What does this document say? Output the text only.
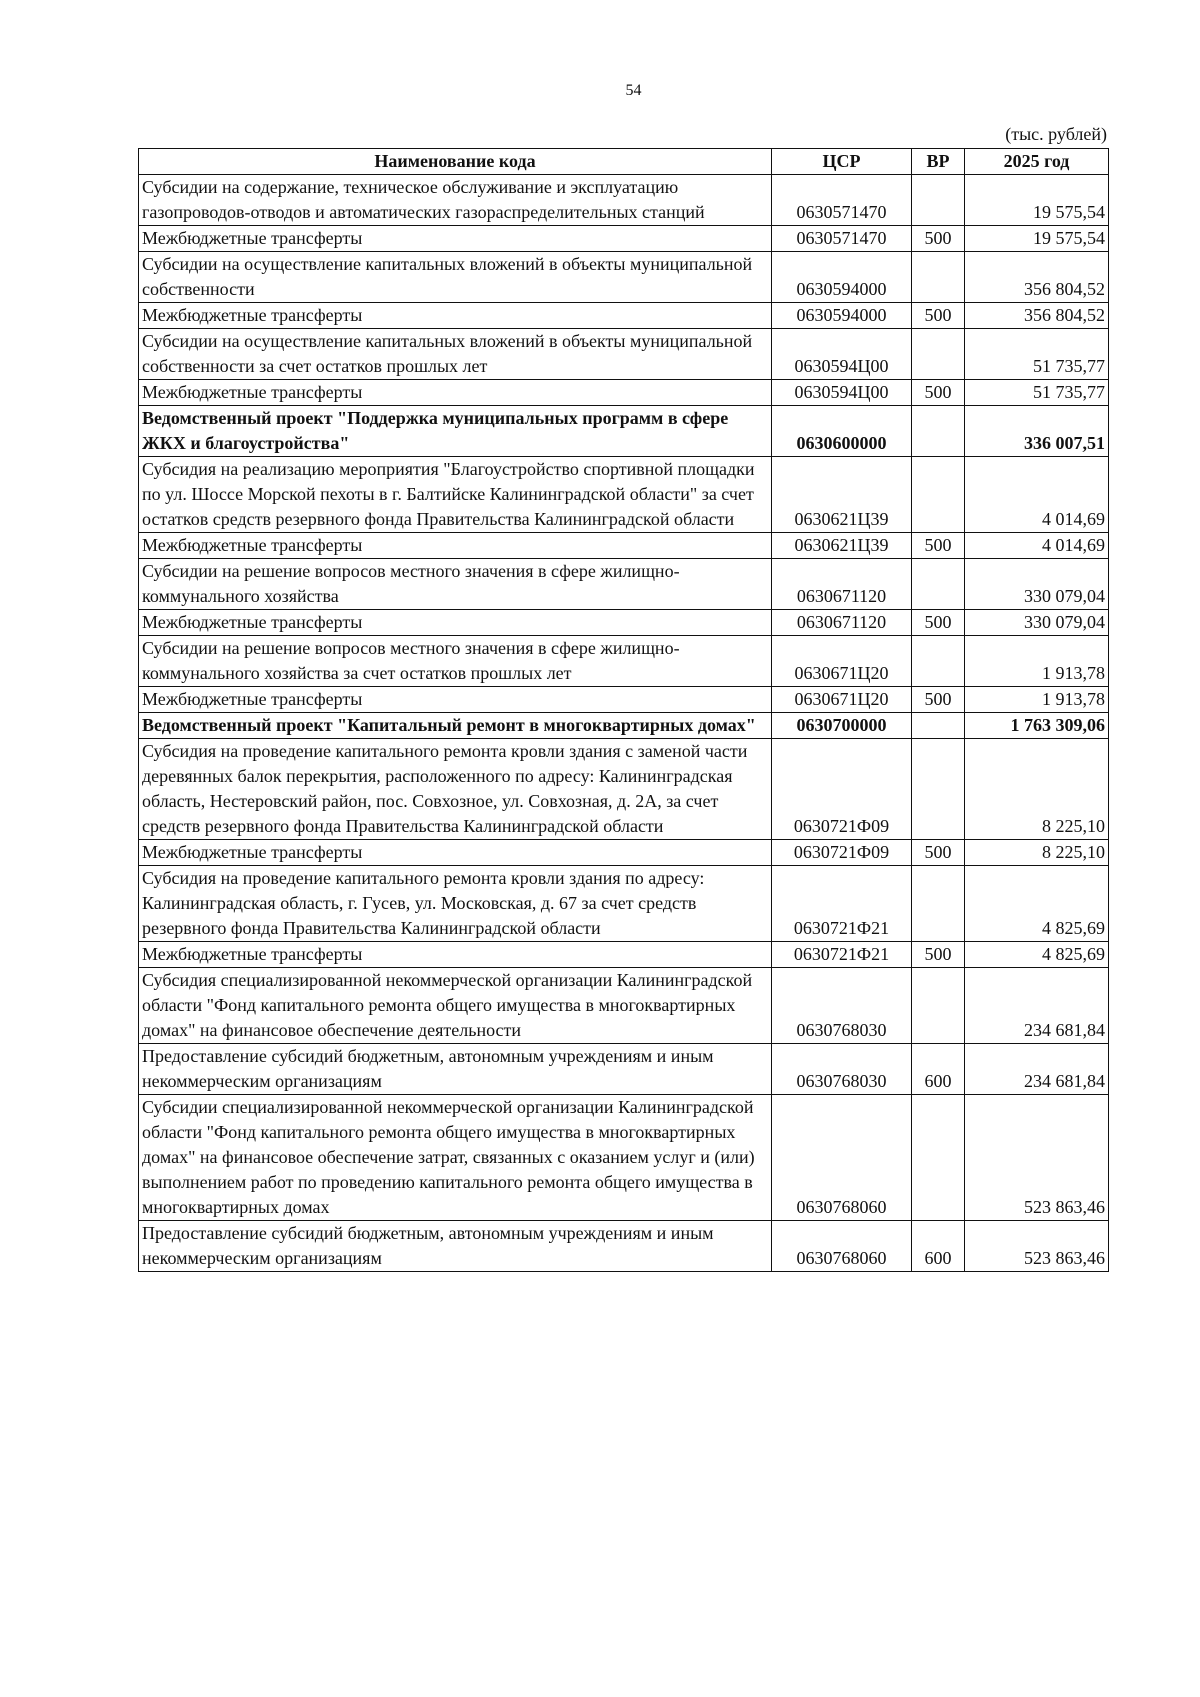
54
(тыс. рублей)
Наименование кода	ЦСР	ВР	2025 год
Субсидии на содержание, техническое обслуживание и эксплуатацию газопроводов-отводов и автоматических газораспределительных станций	0630571470		19 575,54
Межбюджетные трансферты	0630571470	500	19 575,54
Субсидии на осуществление капитальных вложений в объекты муниципальной собственности	0630594000		356 804,52
Межбюджетные трансферты	0630594000	500	356 804,52
Субсидии на осуществление капитальных вложений в объекты муниципальной собственности за счет остатков прошлых лет	0630594Ц00		51 735,77
Межбюджетные трансферты	0630594Ц00	500	51 735,77
Ведомственный проект "Поддержка муниципальных программ в сфере ЖКХ и благоустройства"	0630600000		336 007,51
Субсидия на реализацию мероприятия "Благоустройство спортивной площадки по ул. Шоссе Морской пехоты в г. Балтийске Калининградской области" за счет остатков средств резервного фонда Правительства Калининградской области	0630621Ц39		4 014,69
Межбюджетные трансферты	0630621Ц39	500	4 014,69
Субсидии на решение вопросов местного значения в сфере жилищно-коммунального хозяйства	0630671120		330 079,04
Межбюджетные трансферты	0630671120	500	330 079,04
Субсидии на решение вопросов местного значения в сфере жилищно-коммунального хозяйства за счет остатков прошлых лет	0630671Ц20		1 913,78
Межбюджетные трансферты	0630671Ц20	500	1 913,78
Ведомственный проект "Капитальный ремонт в многоквартирных домах"	0630700000		1 763 309,06
Субсидия на проведение капитального ремонта кровли здания с заменой части деревянных балок перекрытия, расположенного по адресу: Калининградская область, Нестеровский район, пос. Совхозное, ул. Совхозная, д. 2А, за счет средств резервного фонда Правительства Калининградской области	0630721Ф09		8 225,10
Межбюджетные трансферты	0630721Ф09	500	8 225,10
Субсидия на проведение капитального ремонта кровли здания по адресу: Калининградская область, г. Гусев, ул. Московская, д. 67 за счет средств резервного фонда Правительства Калининградской области	0630721Ф21		4 825,69
Межбюджетные трансферты	0630721Ф21	500	4 825,69
Субсидия специализированной некоммерческой организации Калининградской области "Фонд капитального ремонта общего имущества в многоквартирных домах" на финансовое обеспечение деятельности	0630768030		234 681,84
Предоставление субсидий бюджетным, автономным учреждениям и иным некоммерческим организациям	0630768030	600	234 681,84
Субсидии специализированной некоммерческой организации Калининградской области "Фонд капитального ремонта общего имущества в многоквартирных домах" на финансовое обеспечение затрат, связанных с оказанием услуг и (или) выполнением работ по проведению капитального ремонта общего имущества в многоквартирных домах	0630768060		523 863,46
Предоставление субсидий бюджетным, автономным учреждениям и иным некоммерческим организациям	0630768060	600	523 863,46
